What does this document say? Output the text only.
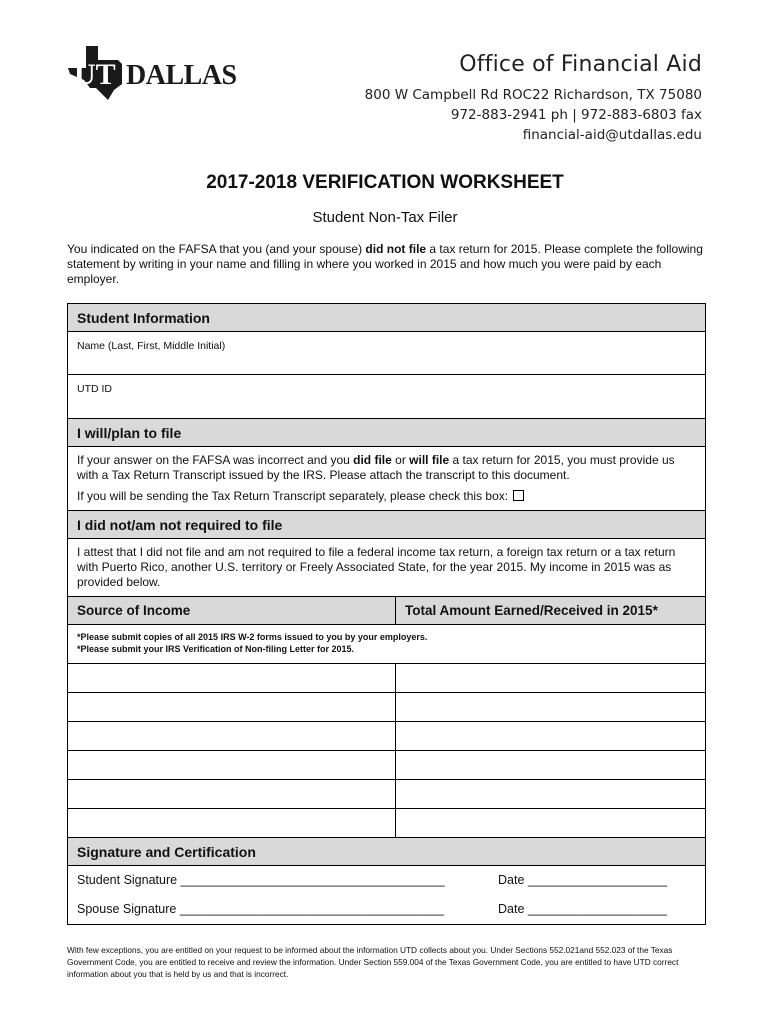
UT DALLAS	Office of Financial Aid
800 W Campbell Rd ROC22 Richardson, TX 75080
972-883-2941 ph | 972-883-6803 fax
financial-aid@utdallas.edu
2017-2018 VERIFICATION WORKSHEET
Student Non-Tax Filer
You indicated on the FAFSA that you (and your spouse) did not file a tax return for 2015. Please complete the following statement by writing in your name and filling in where you worked in 2015 and how much you were paid by each employer.
Student Information
Name (Last, First, Middle Initial)
UTD ID
I will/plan to file
If your answer on the FAFSA was incorrect and you did file or will file a tax return for 2015, you must provide us with a Tax Return Transcript issued by the IRS. Please attach the transcript to this document.
If you will be sending the Tax Return Transcript separately, please check this box:
I did not/am not required to file
I attest that I did not file and am not required to file a federal income tax return, a foreign tax return or a tax return with Puerto Rico, another U.S. territory or Freely Associated State, for the year 2015. My income in 2015 was as provided below.
Source of Income	Total Amount Earned/Received in 2015*
*Please submit copies of all 2015 IRS W-2 forms issued to you by your employers.
*Please submit your IRS Verification of Non-filing Letter for 2015.
Signature and Certification
Student Signature ______________________________________	Date ____________________
Spouse Signature ______________________________________	Date ____________________
With few exceptions, you are entitled on your request to be informed about the information UTD collects about you. Under Sections 552.021and 552.023 of the Texas Government Code, you are entitled to receive and review the information. Under Section 559.004 of the Texas Government Code, you are entitled to have UTD correct information about you that is held by us and that is incorrect.
